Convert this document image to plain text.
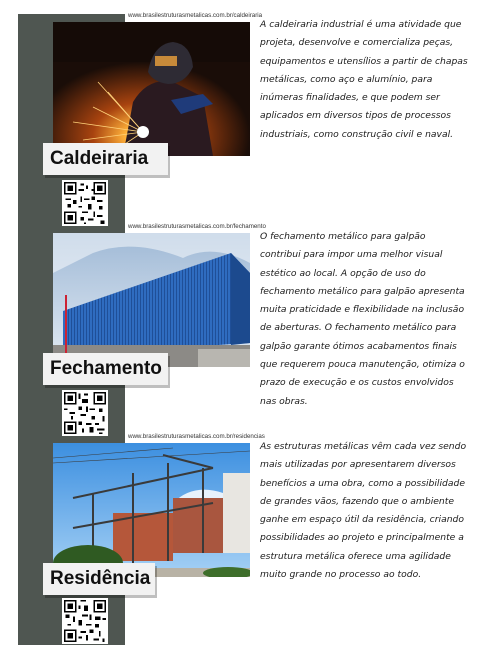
www.brasilestruturasmetalicas.com.br/caldeiraria
Caldeiraria

A caldeiraria industrial é uma atividade que projeta, desenvolve e comercializa peças, equipamentos e utensílios a partir de chapas metálicas, como aço e alumínio, para inúmeras finalidades, e que podem ser aplicados em diversos tipos de processos industriais, como construção civil e naval.

www.brasilestruturasmetalicas.com.br/fechamento
Fechamento

O fechamento metálico para galpão contribui para impor uma melhor visual estético ao local. A opção de uso do fechamento metálico para galpão apresenta muita praticidade e flexibilidade na inclusão de aberturas. O fechamento metálico para galpão garante ótimos acabamentos finais que requerem pouca manutenção, otimiza o prazo de execução e os custos envolvidos nas obras.

www.brasilestruturasmetalicas.com.br/residencias
Residência

As estruturas metálicas vêm cada vez sendo mais utilizadas por apresentarem diversos benefícios a uma obra, como a possibilidade de grandes vãos, fazendo que o ambiente ganhe em espaço útil da residência, criando possibilidades ao projeto e principalmente a estrutura metálica oferece uma agilidade muito grande no processo ao todo.
